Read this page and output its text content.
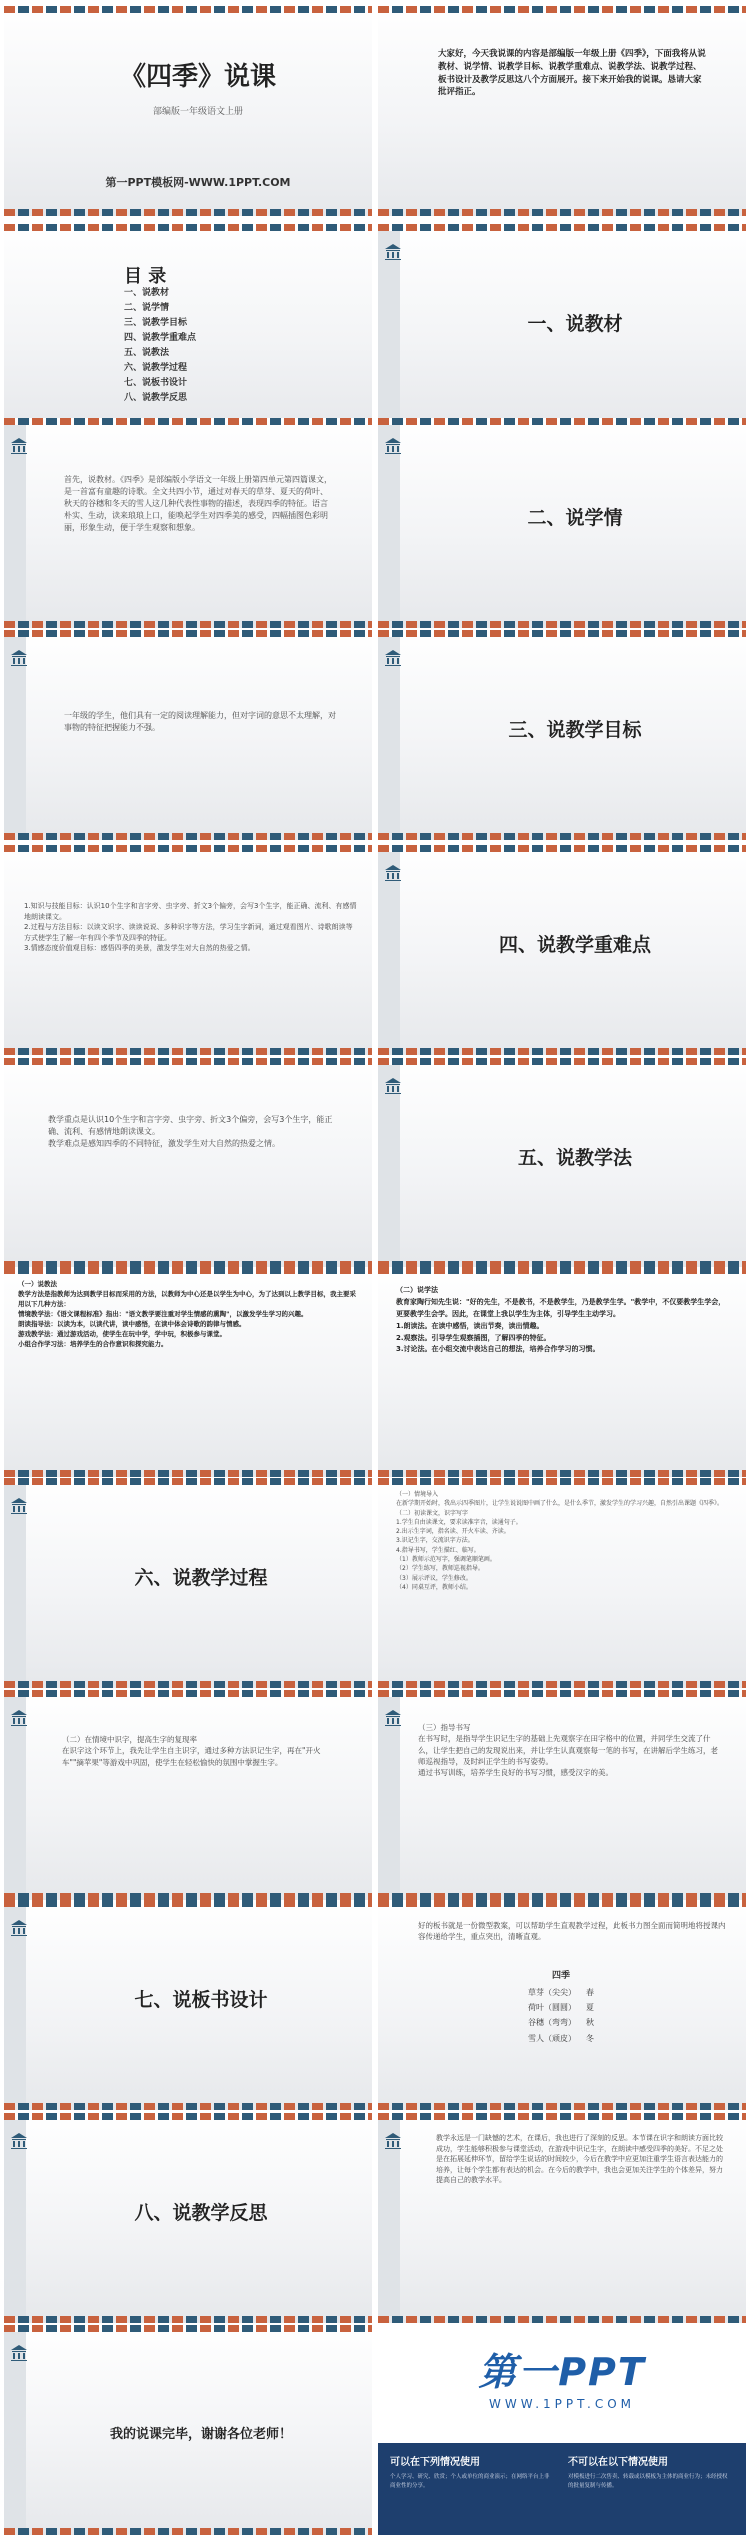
《四季》说课
部编版一年级语文上册
第一PPT模板网-WWW.1PPT.COM
大家好，今天我说课的内容是部编版一年级上册《四季》，下面我将从说教材、说学情、说教学目标、说教学重难点、说教学法、说教学过程、板书设计及教学反思这八个方面展开。接下来开始我的说课。恳请大家批评指正。
目 录
一、说教材
二、说学情
三、说教学目标
四、说教学重难点
五、说教法
六、说教学过程
七、说板书设计
八、说教学反思
一、说教材
首先，说教材。《四季》是部编版小学语文一年级上册第四单元第四篇课文，是一首富有童趣的诗歌。全文共四小节，通过对春天的草芽、夏天的荷叶、秋天的谷穗和冬天的雪人这几种代表性事物的描述，表现四季的特征。语言朴实、生动，读来琅琅上口，能唤起学生对四季美的感受，四幅插图色彩明丽，形象生动，便于学生观察和想象。	二、说学情
一年级的学生，他们具有一定的阅读理解能力，但对字词的意思不太理解，对事物的特征把握能力不强。	三、说教学目标
1.知识与技能目标：认识10个生字和言字旁、虫字旁、折文3个偏旁，会写3个生字，能正确、流利、有感情地朗读课文。
2.过程与方法目标：以读文识字、读读说说、多种识字等方法，学习生字新词，通过观看图片、诗歌朗读等方式使学生了解一年有四个季节及四季的特征。
3.情感态度价值观目标：感悟四季的美景，激发学生对大自然的热爱之情。	四、说教学重难点
教学重点是认识10个生字和言字旁、虫字旁、折文3个偏旁，会写3个生字，能正确、流利、有感情地朗读课文。
教学难点是感知四季的不同特征，激发学生对大自然的热爱之情。
五、说教学法
（一）说教法
教学方法是指教师为达到教学目标而采用的方法，以教师为中心还是以学生为中心，为了达到以上教学目标，我主要采用以下几种方法：
情境教学法：《语文课程标准》指出："语文教学要注重对学生情感的熏陶"，以激发学生学习的兴趣。
朗读指导法：以读为本，以读代讲，读中感悟，在读中体会诗歌的韵律与情感。
游戏教学法：通过游戏活动，使学生在玩中学，学中玩，积极参与课堂。
小组合作学习法：培养学生的合作意识和探究能力。
（二）说学法
教育家陶行知先生说："好的先生，不是教书，不是教学生，乃是教学生学。"教学中，不仅要教学生学会，更要教学生会学。因此，在课堂上我以学生为主体，引导学生主动学习。
1.朗读法。在读中感悟，读出节奏，读出情趣。
2.观察法。引导学生观察插图，了解四季的特征。
3.讨论法。在小组交流中表达自己的想法，培养合作学习的习惯。
六、说教学过程
（一）情境导入
在新学期开始时，我出示四季图片，让学生说说图中画了什么，是什么季节，激发学生的学习兴趣，自然引出课题《四季》。
（二）初读课文，识字写字
1.学生自由读课文，要求读准字音，读通句子。
2.出示生字词，指名读、开火车读、齐读。
3.识记生字，交流识字方法。
4.指导书写，学生描红、临写。
（1）教师示范写字，强调笔顺笔画。
（2）学生练写，教师巡视指导。
（3）展示评议，学生修改。
（4）同桌互评，教师小结。
（二）在情境中识字，提高生字的复现率
在识字这个环节上，我先让学生自主识字，通过多种方法识记生字，再在"开火车""摘苹果"等游戏中巩固，使学生在轻松愉快的氛围中掌握生字。
（三）指导书写
在书写时，是指导学生识记生字的基础上先观察字在田字格中的位置，并同学生交流了什么，让学生把自己的发现说出来，并让学生认真观察每一笔的书写，在讲解后学生练习，老师巡视指导，及时纠正学生的书写姿势。
通过书写训练，培养学生良好的书写习惯，感受汉字的美。
七、说板书设计
好的板书就是一份微型教案，可以帮助学生直观教学过程，此板书力图全面而简明地将授课内容传递给学生，重点突出，清晰直观。
四季
草芽（尖尖） 春
荷叶（圆圆） 夏
谷穗（弯弯） 秋
雪人（顽皮） 冬
八、说教学反思
教学永远是一门缺憾的艺术，在课后，我也进行了深刻的反思。本节课在识字和朗读方面比较成功，学生能够积极参与课堂活动，在游戏中识记生字，在朗读中感受四季的美好。不足之处是在拓展延伸环节，留给学生说话的时间较少，今后在教学中应更加注重学生语言表达能力的培养，让每个学生都有表达的机会。在今后的教学中，我也会更加关注学生的个体差异，努力提高自己的教学水平。
我的说课完毕，谢谢各位老师！
第一PPT
WWW.1PPT.COM
可以在下列情况使用

个人学习、研究、欣赏；个人或单位的商业演示；在网络平台上非商业性的分享。

不可以在以下情况使用

对模板进行二次售卖、转载或以模板为主体的商业行为；未经授权的批量复制与传播。
